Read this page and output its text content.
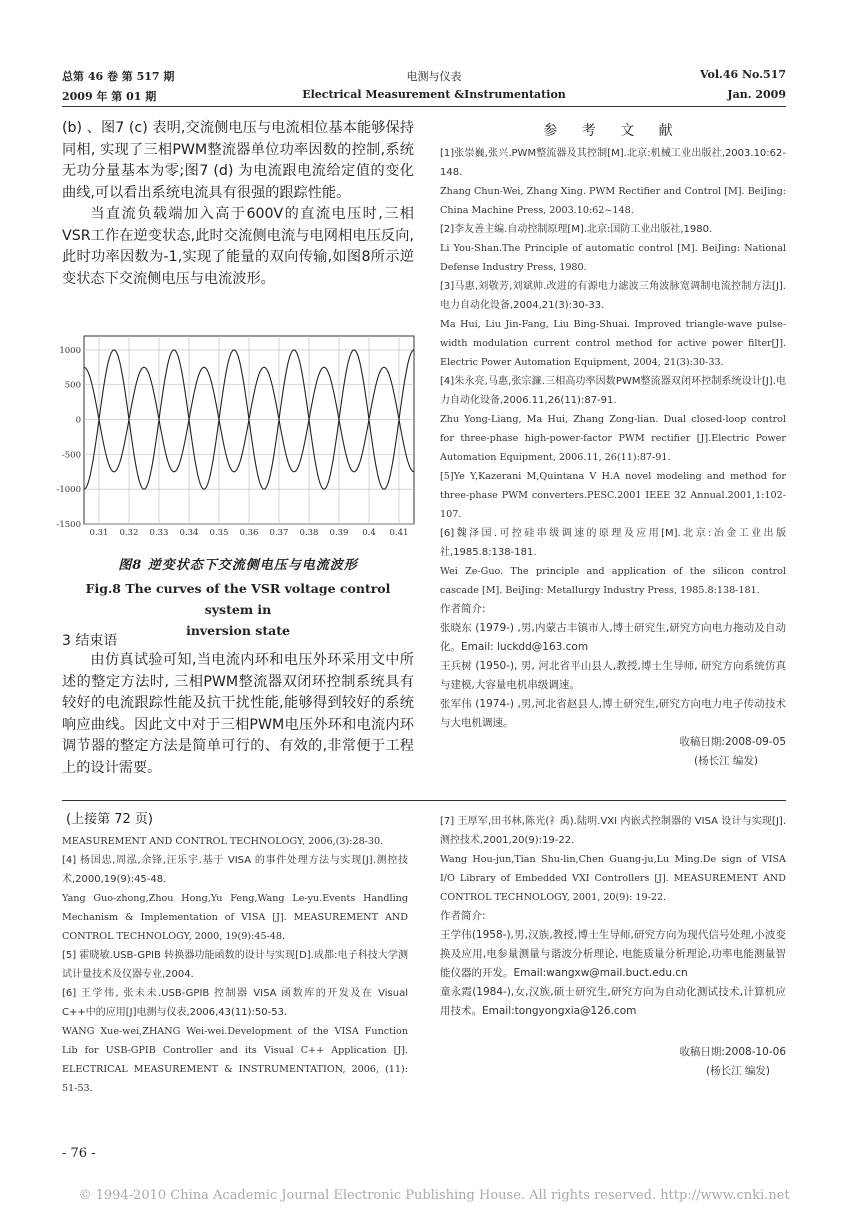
总第 46 卷 第 517 期
2009 年 第 01 期
电测与仪表
Electrical Measurement &Instrumentation
Vol.46 No.517
Jan. 2009

(b) 、图7 (c) 表明,交流侧电压与电流相位基本能够保持同相, 实现了三相PWM整流器单位功率因数的控制,系统无功分量基本为零;图7 (d) 为电流跟电流给定值的变化曲线,可以看出系统电流具有很强的跟踪性能。

当直流负载端加入高于600V的直流电压时,三相VSR工作在逆变状态,此时交流侧电流与电网相电压反向,此时功率因数为-1,实现了能量的双向传输,如图8所示逆变状态下交流侧电压与电流波形。

1000
500
0
-500
-1000
-1500
0.31 0.32 0.33 0.34 0.35 0.36 0.37 0.38 0.39 0.4 0.41
图8 逆变状态下交流侧电压与电流波形
Fig.8 The curves of the VSR voltage control system in
inversion state
3 结束语

由仿真试验可知,当电流内环和电压外环采用文中所述的整定方法时, 三相PWM整流器双闭环控制系统具有较好的电流跟踪性能及抗干扰性能,能够得到较好的系统响应曲线。因此文中对于三相PWM电压外环和电流内环调节器的整定方法是简单可行的、有效的,非常便于工程上的设计需要。

参 考 文 献

[1]张崇巍,张兴.PWM整流器及其控制[M].北京:机械工业出版社,2003.10:62-148.

Zhang Chun-Wei, Zhang Xing. PWM Rectifier and Control [M]. BeiJing: China Machine Press, 2003.10:62~148.

[2]李友善主编.自动控制原理[M].北京:国防工业出版社,1980.

Li You-Shan.The Principle of automatic control [M]. BeiJing: National Defense Industry Press, 1980.

[3]马惠,刘敬芳,刘斌帅.改进的有源电力滤波三角波脉宽调制电流控制方法[J].电力自动化设备,2004,21(3):30-33.

Ma Hui, Liu Jin-Fang, Liu Bing-Shuai. Improved triangle-wave pulse-width modulation current control method for active power filter[J]. Electric Power Automation Equipment, 2004, 21(3):30-33.

[4]朱永亮,马惠,张宗濂.三相高功率因数PWM整流器双闭环控制系统设计[J].电力自动化设备,2006.11,26(11):87-91.

Zhu Yong-Liang, Ma Hui, Zhang Zong-lian. Dual closed-loop control for three-phase high-power-factor PWM rectifier [J].Electric Power Automation Equipment, 2006.11, 26(11):87-91.

[5]Ye Y,Kazerani M,Quintana V H.A novel modeling and method for three-phase PWM converters.PESC.2001 IEEE 32 Annual.2001,1:102-107.

[6]魏泽国.可控硅串级调速的原理及应用[M].北京:冶金工业出版社,1985.8:138-181.

Wei Ze-Guo. The principle and application of the silicon control cascade [M]. BeiJing: Metallurgy Industry Press, 1985.8:138-181.

作者简介:

张晓东 (1979-) ,男,内蒙古丰镇市人,博士研究生,研究方向电力拖动及自动化。Email: luckdd@163.com

王兵树 (1950-), 男, 河北省平山县人,教授,博士生导师, 研究方向系统仿真与建模,大容量电机串级调速。

张军伟 (1974-) ,男,河北省赵县人,博士研究生,研究方向电力电子传动技术与大电机调速。

收稿日期:2008-09-05

(杨长江 编发)

(上接第 72 页)

MEASUREMENT AND CONTROL TECHNOLOGY, 2006,(3):28-30.

[4] 杨国忠,周泓,余锋,汪乐宇.基于 VISA 的事件处理方法与实现[J].测控技术,2000,19(9):45-48.

Yang Guo-zhong,Zhou Hong,Yu Feng,Wang Le-yu.Events Handling Mechanism & Implementation of VISA [J]. MEASUREMENT AND CONTROL TECHNOLOGY, 2000, 19(9):45-48.

[5] 霍晓敏.USB-GPIB 转换器功能函数的设计与实现[D].成都:电子科技大学测试计量技术及仪器专业,2004.

[6] 王学伟, 张未未.USB-GPIB 控制器 VISA 函数库的开发及在 Visual C++中的应用[J]电测与仪表,2006,43(11):50-53.

WANG Xue-wei,ZHANG Wei-wei.Development of the VISA Function Lib for USB-GPIB Controller and its Visual C++ Application [J]. ELECTRICAL MEASUREMENT & INSTRUMENTATION, 2006, (11): 51-53.

[7] 王厚军,田书林,陈光(礻禹).陆明.VXI 内嵌式控制器的 VISA 设计与实现[J].测控技术,2001,20(9):19-22.

Wang Hou-jun,Tian Shu-lin,Chen Guang-ju,Lu Ming.De sign of VISA I/O Library of Embedded VXI Controllers [J]. MEASUREMENT AND CONTROL TECHNOLOGY, 2001, 20(9): 19-22.

作者简介:

王学伟(1958-),男,汉族,教授,博士生导师,研究方向为现代信号处理,小波变换及应用,电参量测量与谐波分析理论, 电能质量分析理论,功率电能测量智能仪器的开发。Email:wangxw@mail.buct.edu.cn

童永霞(1984-),女,汉族,硕士研究生,研究方向为自动化测试技术,计算机应用技术。Email:tongyongxia@126.com

收稿日期:2008-10-06

(杨长江 编发)

- 76 -
© 1994-2010 China Academic Journal Electronic Publishing House. All rights reserved. http://www.cnki.net
